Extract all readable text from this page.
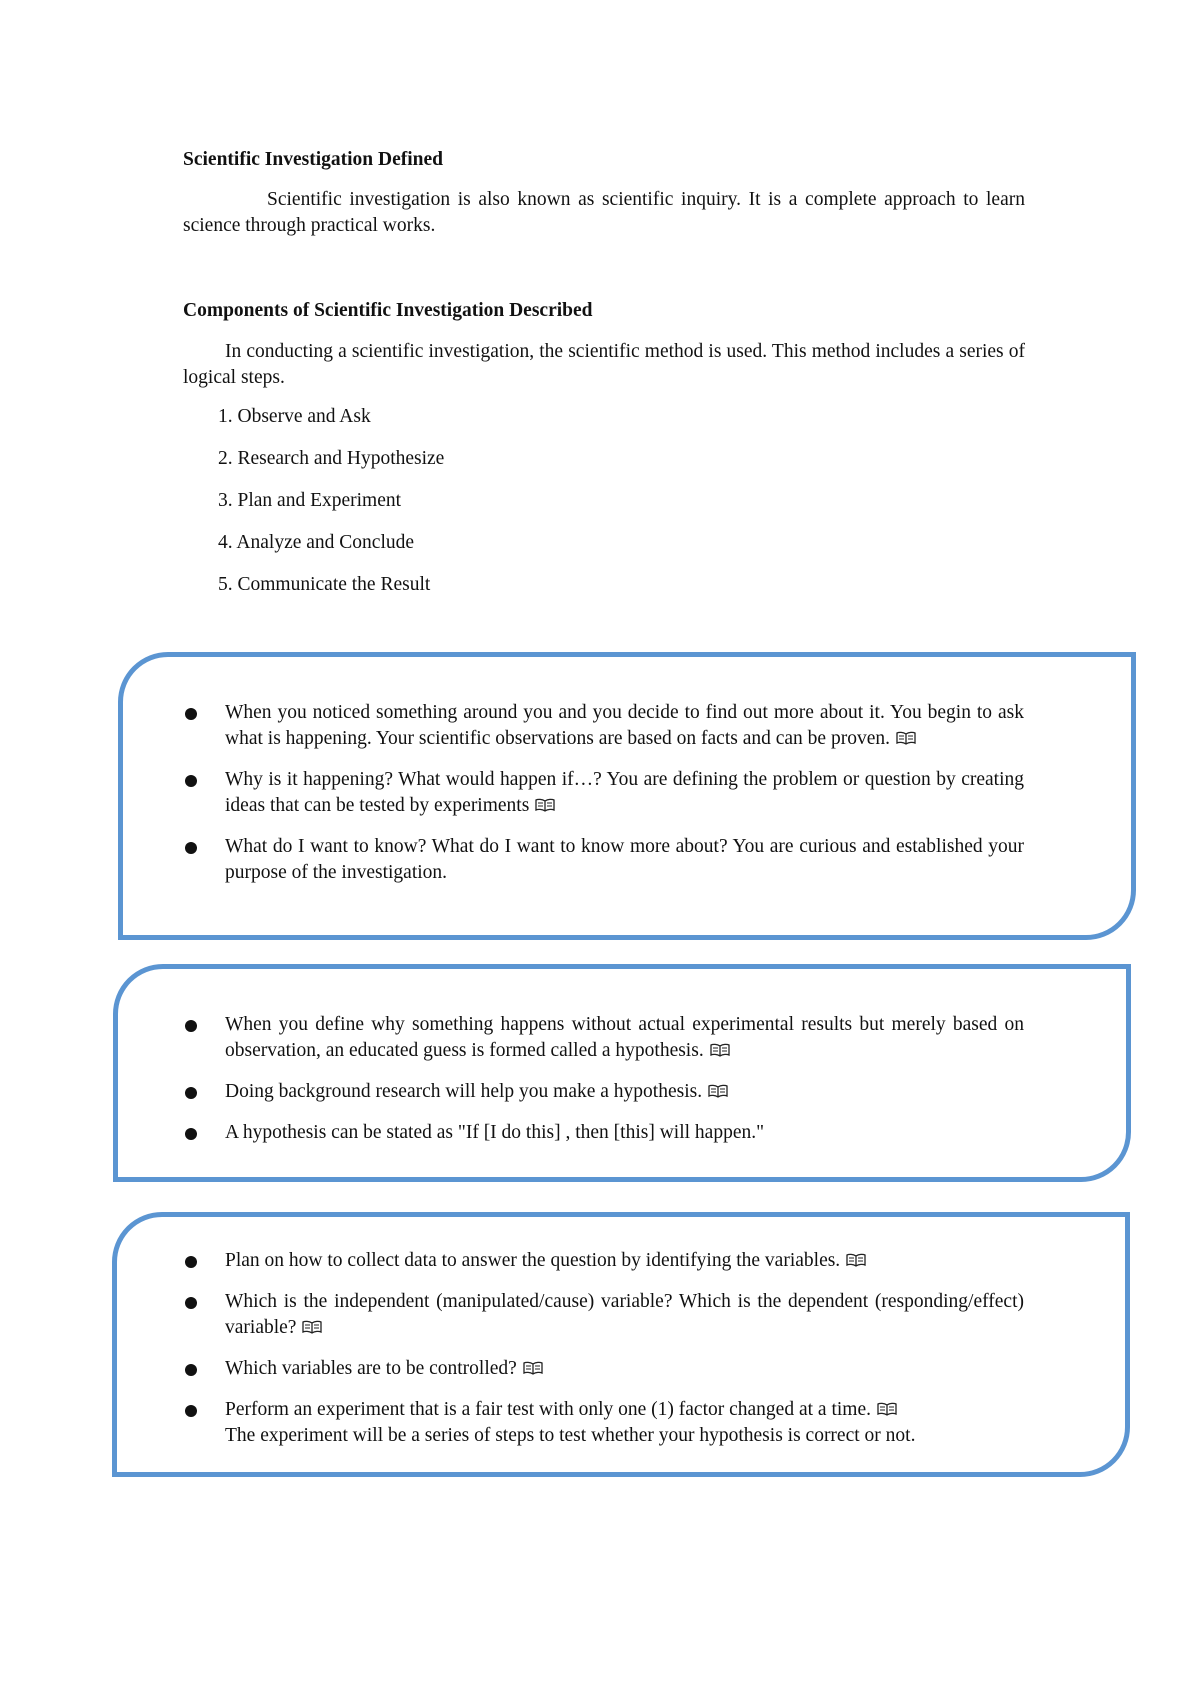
Scientific Investigation Defined

Scientific investigation is also known as scientific inquiry. It is a complete approach to learn science through practical works.

Components of Scientific Investigation Described

In conducting a scientific investigation, the scientific method is used. This method includes a series of logical steps.

1. Observe and Ask
2. Research and Hypothesize
3. Plan and Experiment
4. Analyze and Conclude
5. Communicate the Result
When you noticed something around you and you decide to find out more about it. You begin to ask what is happening. Your scientific observations are based on facts and can be proven.
Why is it happening? What would happen if…? You are defining the problem or question by creating ideas that can be tested by experiments
What do I want to know? What do I want to know more about? You are curious and established your purpose of the investigation.
When you define why something happens without actual experimental results but merely based on observation, an educated guess is formed called a hypothesis.
Doing background research will help you make a hypothesis.
A hypothesis can be stated as "If [I do this] , then [this] will happen."
Plan on how to collect data to answer the question by identifying the variables.
Which is the independent (manipulated/cause) variable? Which is the dependent (responding/effect) variable?
Which variables are to be controlled?
Perform an experiment that is a fair test with only one (1) factor changed at a time.
The experiment will be a series of steps to test whether your hypothesis is correct or not.
